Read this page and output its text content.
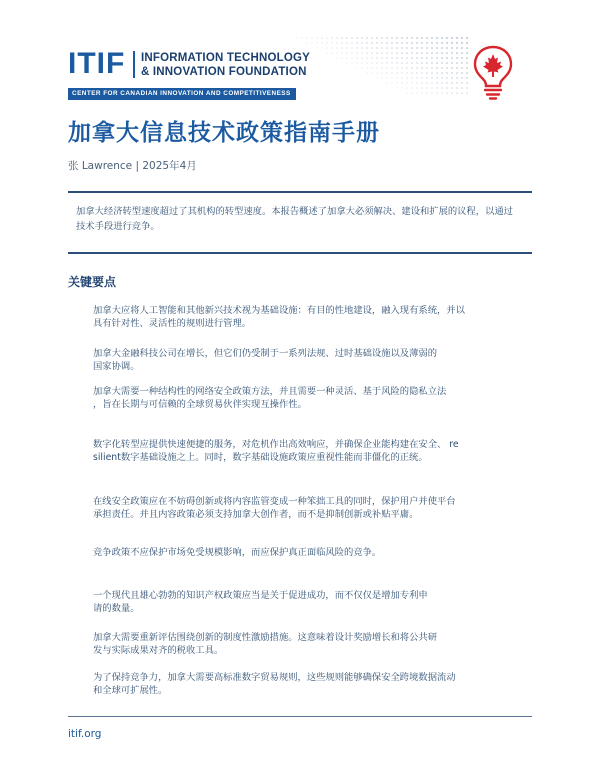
ITIF INFORMATION TECHNOLOGY
& INNOVATION FOUNDATION
CENTER FOR CANADIAN INNOVATION AND COMPETITIVENESS
加拿大信息技术政策指南手册
张 Lawrence | 2025年4月
加拿大经济转型速度超过了其机构的转型速度。本报告概述了加拿大必须解决、建设和扩展的议程，以通过技术手段进行竞争。
关键要点
加拿大应将人工智能和其他新兴技术视为基础设施：有目的性地建设，融入现有系统，并以
具有针对性、灵活性的规则进行管理。
加拿大金融科技公司在增长，但它们仍受制于一系列法规、过时基础设施以及薄弱的
国家协调。
加拿大需要一种结构性的网络安全政策方法，并且需要一种灵活、基于风险的隐私立法
，旨在长期与可信赖的全球贸易伙伴实现互操作性。
数字化转型应提供快速便捷的服务，对危机作出高效响应，并确保企业能构建在安全、 re
silient数字基础设施之上。同时，数字基础设施政策应重视性能而非僵化的正统。
在线安全政策应在不妨碍创新或将内容监管变成一种笨拙工具的同时，保护用户并使平台
承担责任。并且内容政策必须支持加拿大创作者，而不是抑制创新或补贴平庸。
竞争政策不应保护市场免受规模影响，而应保护真正面临风险的竞争。
一个现代且雄心勃勃的知识产权政策应当是关于促进成功，而不仅仅是增加专利申
请的数量。
加拿大需要重新评估围绕创新的制度性激励措施。这意味着设计奖励增长和将公共研
发与实际成果对齐的税收工具。
为了保持竞争力，加拿大需要高标准数字贸易规则，这些规则能够确保安全跨境数据流动
和全球可扩展性。
itif.org
